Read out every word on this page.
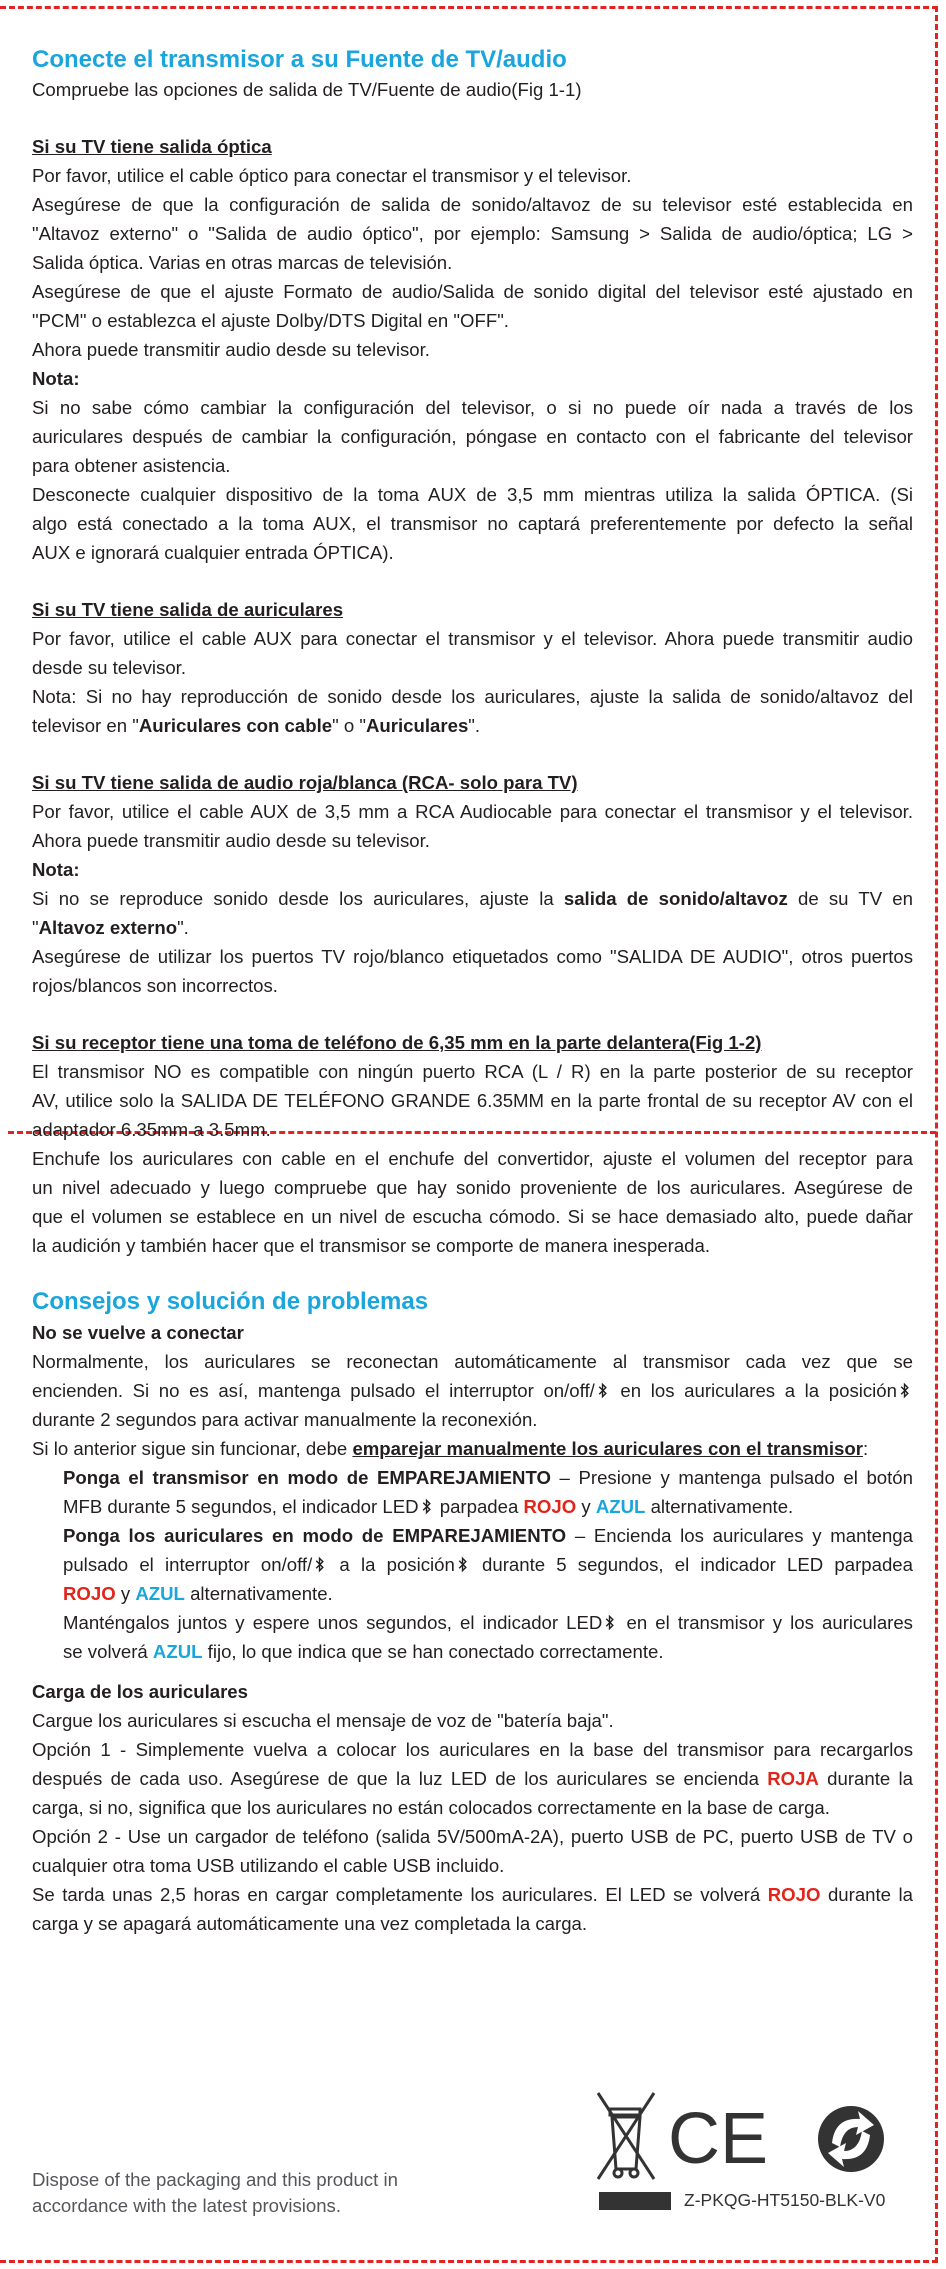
Conecte el transmisor a su Fuente de TV/audio
Compruebe las opciones de salida de TV/Fuente de audio(Fig 1-1)
Si su TV tiene salida óptica
Por favor, utilice el cable óptico para conectar el transmisor y el televisor.
Asegúrese de que la configuración de salida de sonido/altavoz de su televisor esté establecida en
"Altavoz externo" o "Salida de audio óptico", por ejemplo: Samsung > Salida de audio/óptica; LG >
Salida óptica. Varias en otras marcas de televisión.
Asegúrese de que el ajuste Formato de audio/Salida de sonido digital del televisor esté ajustado en
"PCM" o establezca el ajuste Dolby/DTS Digital en "OFF".
Ahora puede transmitir audio desde su televisor.
Nota:
Si no sabe cómo cambiar la configuración del televisor, o si no puede oír nada a través de los
auriculares después de cambiar la configuración, póngase en contacto con el fabricante del televisor
para obtener asistencia.
Desconecte cualquier dispositivo de la toma AUX de 3,5 mm mientras utiliza la salida ÓPTICA. (Si
algo está conectado a la toma AUX, el transmisor no captará preferentemente por defecto la señal
AUX e ignorará cualquier entrada ÓPTICA).
Si su TV tiene salida de auriculares
Por favor, utilice el cable AUX para conectar el transmisor y el televisor. Ahora puede transmitir audio
desde su televisor.
Nota: Si no hay reproducción de sonido desde los auriculares, ajuste la salida de sonido/altavoz del
televisor en "Auriculares con cable" o "Auriculares".
Si su TV tiene salida de audio roja/blanca (RCA- solo para TV)
Por favor, utilice el cable AUX de 3,5 mm a RCA Audiocable para conectar el transmisor y el televisor.
Ahora puede transmitir audio desde su televisor.
Nota:
Si no se reproduce sonido desde los auriculares, ajuste la salida de sonido/altavoz de su TV en
"Altavoz externo".
Asegúrese de utilizar los puertos TV rojo/blanco etiquetados como "SALIDA DE AUDIO", otros puertos
rojos/blancos son incorrectos.
Si su receptor tiene una toma de teléfono de 6,35 mm en la parte delantera(Fig 1-2)
El transmisor NO es compatible con ningún puerto RCA (L / R) en la parte posterior de su receptor
AV, utilice solo la SALIDA DE TELÉFONO GRANDE 6.35MM en la parte frontal de su receptor AV con el
adaptador 6.35mm a 3.5mm.
Enchufe los auriculares con cable en el enchufe del convertidor, ajuste el volumen del receptor para
un nivel adecuado y luego compruebe que hay sonido proveniente de los auriculares. Asegúrese de
que el volumen se establece en un nivel de escucha cómodo. Si se hace demasiado alto, puede dañar
la audición y también hacer que el transmisor se comporte de manera inesperada.
Consejos y solución de problemas
No se vuelve a conectar
Normalmente, los auriculares se reconectan automáticamente al transmisor cada vez que se
encienden. Si no es así, mantenga pulsado el interruptor on/off/ en los auriculares a la posición
durante 2 segundos para activar manualmente la reconexión.
Si lo anterior sigue sin funcionar, debe emparejar manualmente los auriculares con el transmisor:
Ponga el transmisor en modo de EMPAREJAMIENTO – Presione y mantenga pulsado el botón
MFB durante 5 segundos, el indicador LED parpadea ROJO y AZUL alternativamente.
Ponga los auriculares en modo de EMPAREJAMIENTO – Encienda los auriculares y mantenga
pulsado el interruptor on/off/ a la posición durante 5 segundos, el indicador LED parpadea
ROJO y AZUL alternativamente.
Manténgalos juntos y espere unos segundos, el indicador LED en el transmisor y los auriculares
se volverá AZUL fijo, lo que indica que se han conectado correctamente.
Carga de los auriculares
Cargue los auriculares si escucha el mensaje de voz de "batería baja".
Opción 1 - Simplemente vuelva a colocar los auriculares en la base del transmisor para recargarlos
después de cada uso. Asegúrese de que la luz LED de los auriculares se encienda ROJA durante la
carga, si no, significa que los auriculares no están colocados correctamente en la base de carga.
Opción 2 - Use un cargador de teléfono (salida 5V/500mA-2A), puerto USB de PC, puerto USB de TV o
cualquier otra toma USB utilizando el cable USB incluido.
Se tarda unas 2,5 horas en cargar completamente los auriculares. El LED se volverá ROJO durante la
carga y se apagará automáticamente una vez completada la carga.
Dispose of the packaging and this product in
accordance with the latest provisions.
CE
Z-PKQG-HT5150-BLK-V0
